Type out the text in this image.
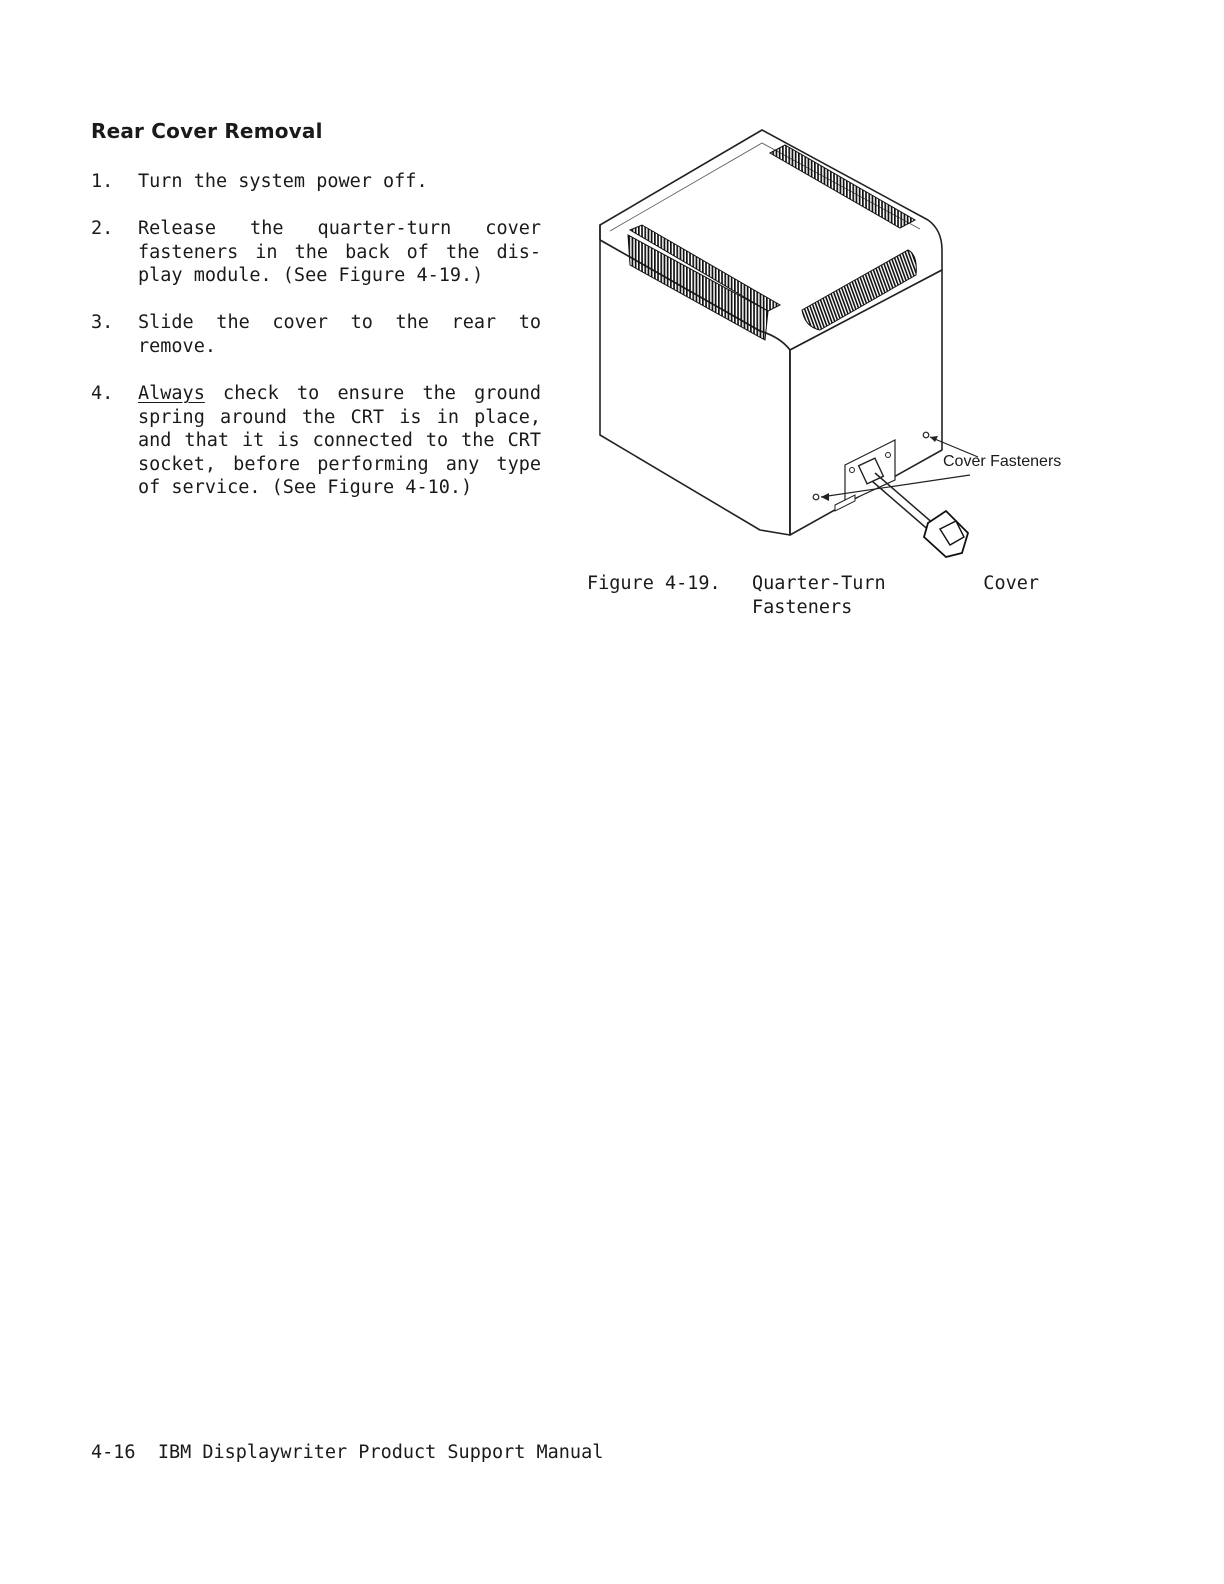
Rear Cover Removal
1.	Turn the system power off.
2.	Release the quarter-turn cover fasteners in the back of the dis-play module. (See Figure 4-19.)
3.	Slide the cover to the rear to remove.
4.	Always check to ensure the ground spring around the CRT is in place, and that it is connected to the CRT socket, before performing any type of service. (See Figure 4-10.)
Cover Fasteners
Figure 4-19.	Quarter-Turn Cover Fasteners
4-16  IBM Displaywriter Product Support Manual
